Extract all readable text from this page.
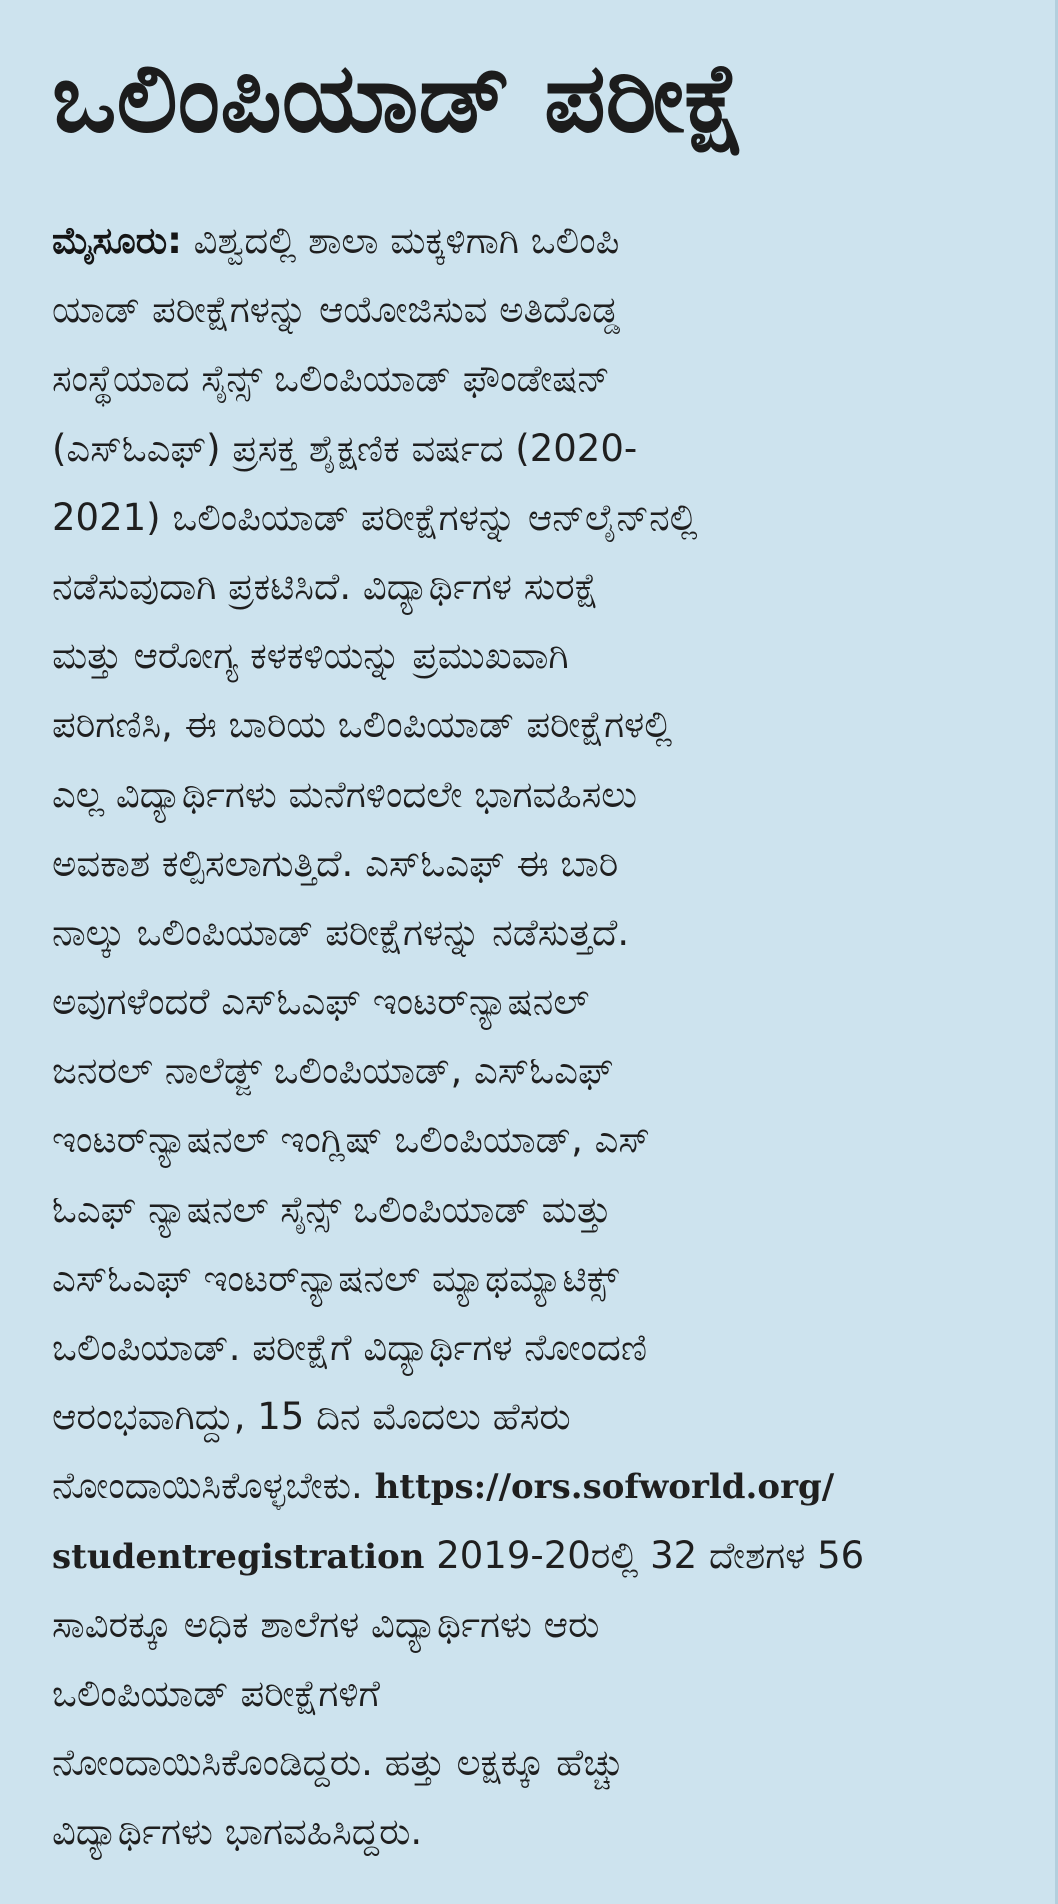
ಒಲಿಂಪಿಯಾಡ್ ಪರೀಕ್ಷೆ
ಮೈಸೂರು: ವಿಶ್ವದಲ್ಲಿ ಶಾಲಾ ಮಕ್ಕಳಿಗಾಗಿ ಒಲಿಂಪಿ
ಯಾಡ್ ಪರೀಕ್ಷೆಗಳನ್ನು ಆಯೋಜಿಸುವ ಅತಿದೊಡ್ಡ
ಸಂಸ್ಥೆಯಾದ ಸೈನ್ಸ್ ಒಲಿಂಪಿಯಾಡ್ ಫೌಂಡೇಷನ್
(ಎಸ್‌ಓಎಫ್) ಪ್ರಸಕ್ತ ಶೈಕ್ಷಣಿಕ ವರ್ಷದ (2020-
2021) ಒಲಿಂಪಿಯಾಡ್ ಪರೀಕ್ಷೆಗಳನ್ನು ಆನ್‌ಲೈನ್‌ನಲ್ಲಿ
ನಡೆಸುವುದಾಗಿ ಪ್ರಕಟಿಸಿದೆ. ವಿದ್ಯಾರ್ಥಿಗಳ ಸುರಕ್ಷೆ
ಮತ್ತು ಆರೋಗ್ಯ ಕಳಕಳಿಯನ್ನು ಪ್ರಮುಖವಾಗಿ
ಪರಿಗಣಿಸಿ, ಈ ಬಾರಿಯ ಒಲಿಂಪಿಯಾಡ್ ಪರೀಕ್ಷೆಗಳಲ್ಲಿ
ಎಲ್ಲ ವಿದ್ಯಾರ್ಥಿಗಳು ಮನೆಗಳಿಂದಲೇ ಭಾಗವಹಿಸಲು
ಅವಕಾಶ ಕಲ್ಪಿಸಲಾಗುತ್ತಿದೆ. ಎಸ್‌ಓಎಫ್ ಈ ಬಾರಿ
ನಾಲ್ಕು ಒಲಿಂಪಿಯಾಡ್ ಪರೀಕ್ಷೆಗಳನ್ನು ನಡೆಸುತ್ತದೆ.
ಅವುಗಳೆಂದರೆ ಎಸ್‌ಓಎಫ್ ಇಂಟರ್‌ನ್ಯಾಷನಲ್
ಜನರಲ್ ನಾಲೆಡ್ಜ್ ಒಲಿಂಪಿಯಾಡ್, ಎಸ್‌ಓಎಫ್
ಇಂಟರ್‌ನ್ಯಾಷನಲ್ ಇಂಗ್ಲಿಷ್ ಒಲಿಂಪಿಯಾಡ್, ಎಸ್
ಓಎಫ್ ನ್ಯಾಷನಲ್ ಸೈನ್ಸ್ ಒಲಿಂಪಿಯಾಡ್ ಮತ್ತು
ಎಸ್‌ಓಎಫ್ ಇಂಟರ್‌ನ್ಯಾಷನಲ್ ಮ್ಯಾಥಮ್ಯಾಟಿಕ್ಸ್
ಒಲಿಂಪಿಯಾಡ್. ಪರೀಕ್ಷೆಗೆ ವಿದ್ಯಾರ್ಥಿಗಳ ನೋಂದಣಿ
ಆರಂಭವಾಗಿದ್ದು, 15 ದಿನ ಮೊದಲು ಹೆಸರು
ನೋಂದಾಯಿಸಿಕೊಳ್ಳಬೇಕು. https://ors.sofworld.org/
studentregistration 2019-20ರಲ್ಲಿ 32 ದೇಶಗಳ 56
ಸಾವಿರಕ್ಕೂ ಅಧಿಕ ಶಾಲೆಗಳ ವಿದ್ಯಾರ್ಥಿಗಳು ಆರು
ಒಲಿಂಪಿಯಾಡ್ ಪರೀಕ್ಷೆಗಳಿಗೆ
ನೋಂದಾಯಿಸಿಕೊಂಡಿದ್ದರು. ಹತ್ತು ಲಕ್ಷಕ್ಕೂ ಹೆಚ್ಚು
ವಿದ್ಯಾರ್ಥಿಗಳು ಭಾಗವಹಿಸಿದ್ದರು.
